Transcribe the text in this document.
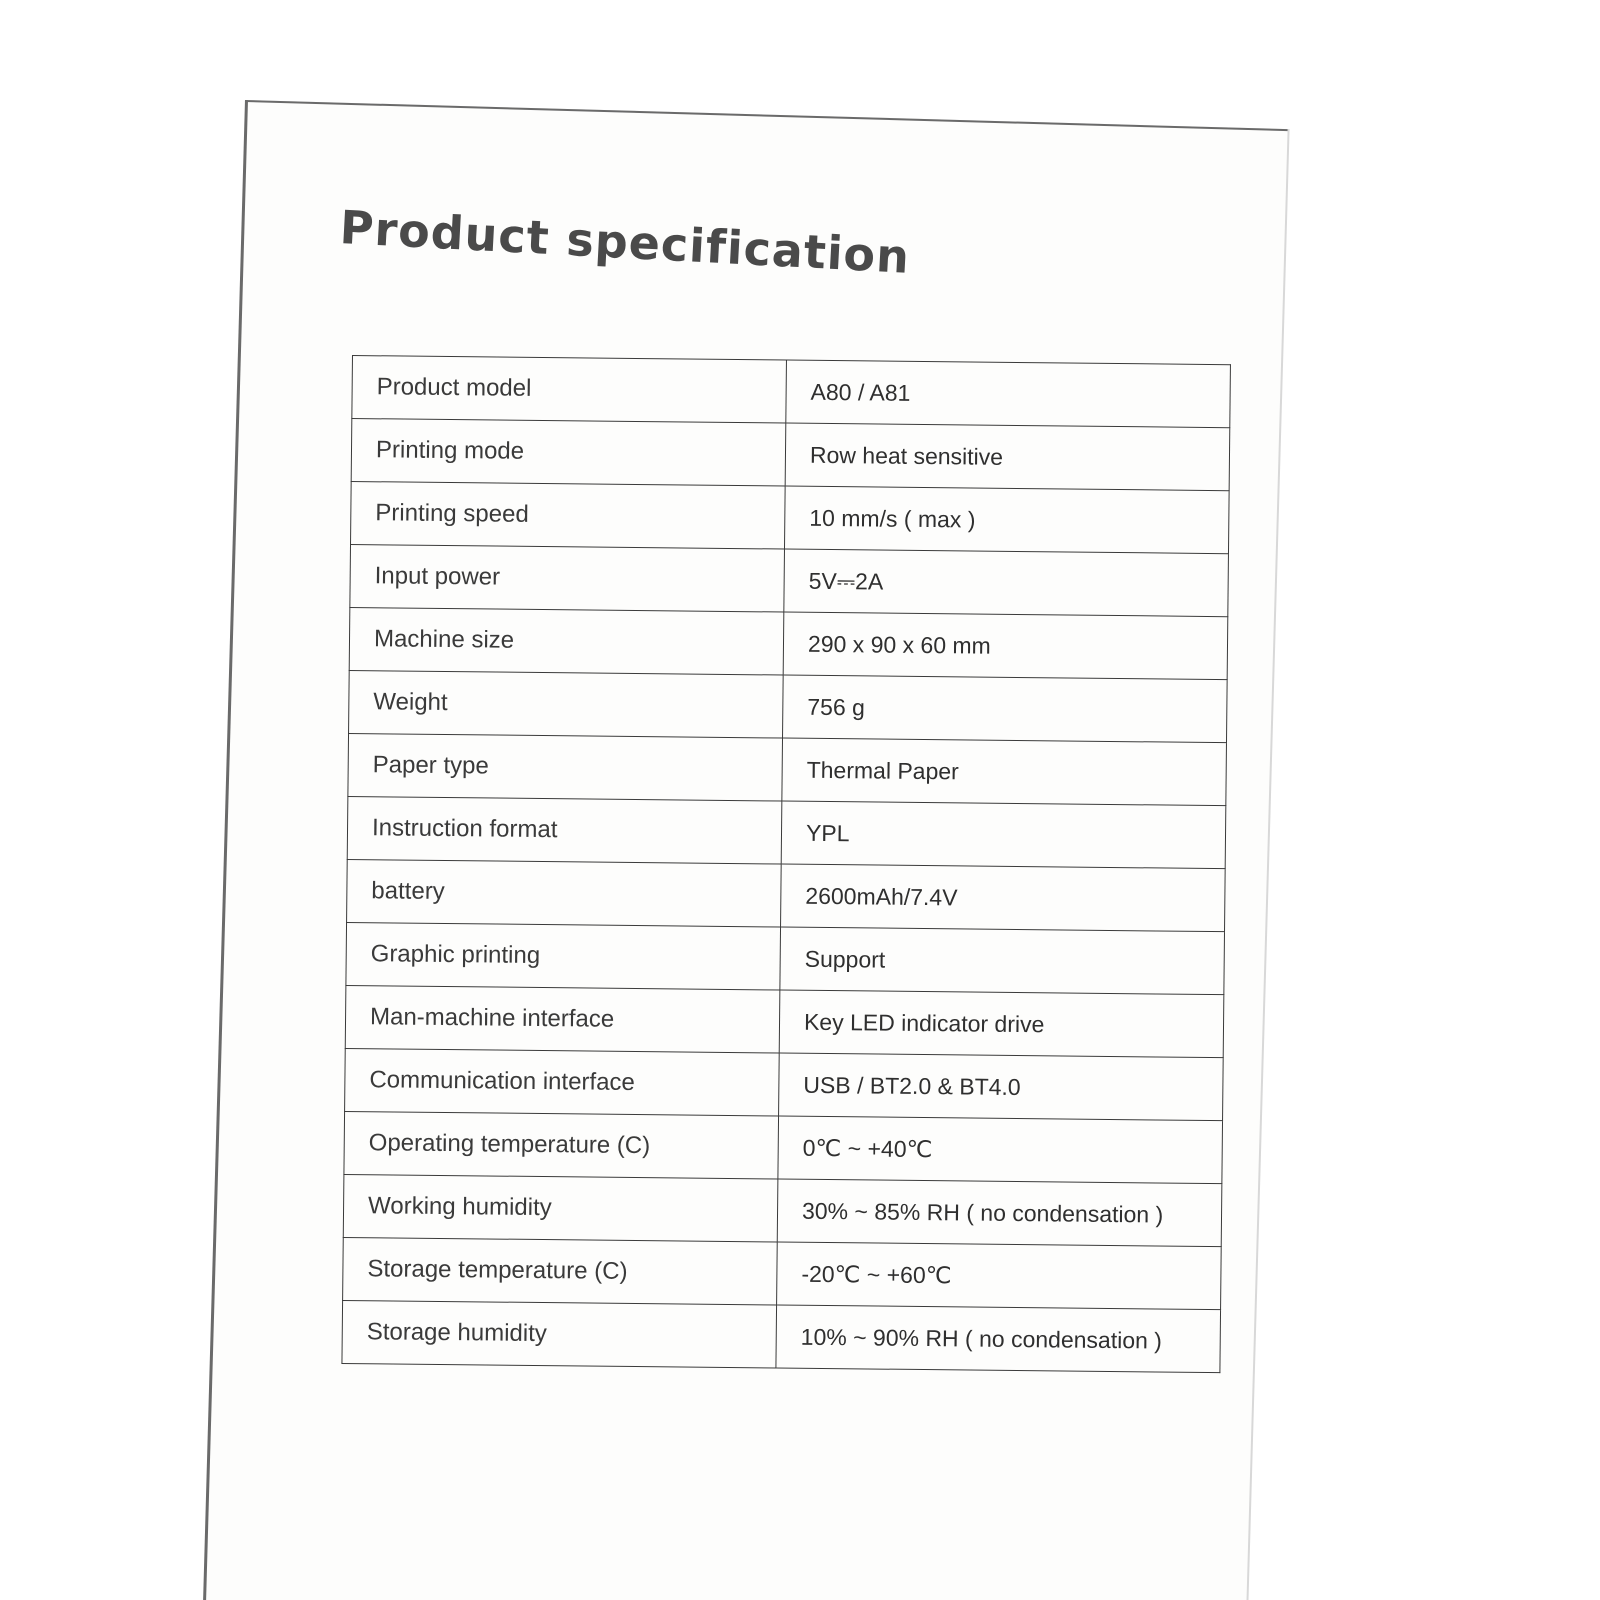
Product specification
Product model	A80 / A81
Printing mode	Row heat sensitive
Printing speed	10 mm/s ( max )
Input power	5V⎓2A
Machine size	290 x 90 x 60 mm
Weight	756 g
Paper type	Thermal Paper
Instruction format	YPL
battery	2600mAh/7.4V
Graphic printing	Support
Man-machine interface	Key LED indicator drive
Communication interface	USB / BT2.0 & BT4.0
Operating temperature (C)	0℃ ~ +40℃
Working humidity	30% ~ 85% RH ( no condensation )
Storage temperature (C)	-20℃ ~ +60℃
Storage humidity	10% ~ 90% RH ( no condensation )
